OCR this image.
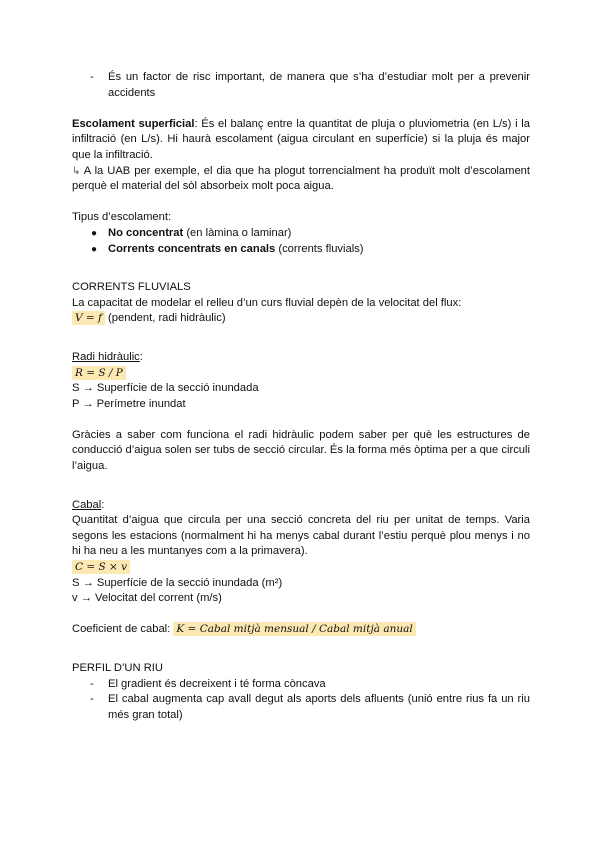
- És un factor de risc important, de manera que s’ha d’estudiar molt per a prevenir accidents

Escolament superficial: És el balanç entre la quantitat de pluja o pluviometria (en L/s) i la infiltració (en L/s). Hi haurà escolament (aigua circulant en superfície) si la pluja és major que la infiltració.

↳ A la UAB per exemple, el dia que ha plogut torrencialment ha produït molt d’escolament perquè el material del sòl absorbeix molt poca aigua.

Tipus d’escolament:

● No concentrat (en làmina o laminar)
● Corrents concentrats en canals (corrents fluvials)

CORRENTS FLUVIALS

La capacitat de modelar el relleu d’un curs fluvial depèn de la velocitat del flux:

V = f (pendent, radi hidràulic)

Radi hidràulic:

R = S / P

S → Superfície de la secció inundada

P → Perímetre inundat

Gràcies a saber com funciona el radi hidràulic podem saber per què les estructures de conducció d’aigua solen ser tubs de secció circular. És la forma més òptima per a que circuli l’aigua.

Cabal:

Quantitat d’aigua que circula per una secció concreta del riu per unitat de temps. Varia segons les estacions (normalment hi ha menys cabal durant l’estiu perquè plou menys i no hi ha neu a les muntanyes com a la primavera).

C = S × v

S → Superfície de la secció inundada (m²)

v → Velocitat del corrent (m/s)

Coeficient de cabal: K = Cabal mitjà mensual / Cabal mitjà anual

PERFIL D’UN RIU

- El gradient és decreixent i té forma còncava
- El cabal augmenta cap avall degut als aports dels afluents (unió entre rius fa un riu més gran total)
